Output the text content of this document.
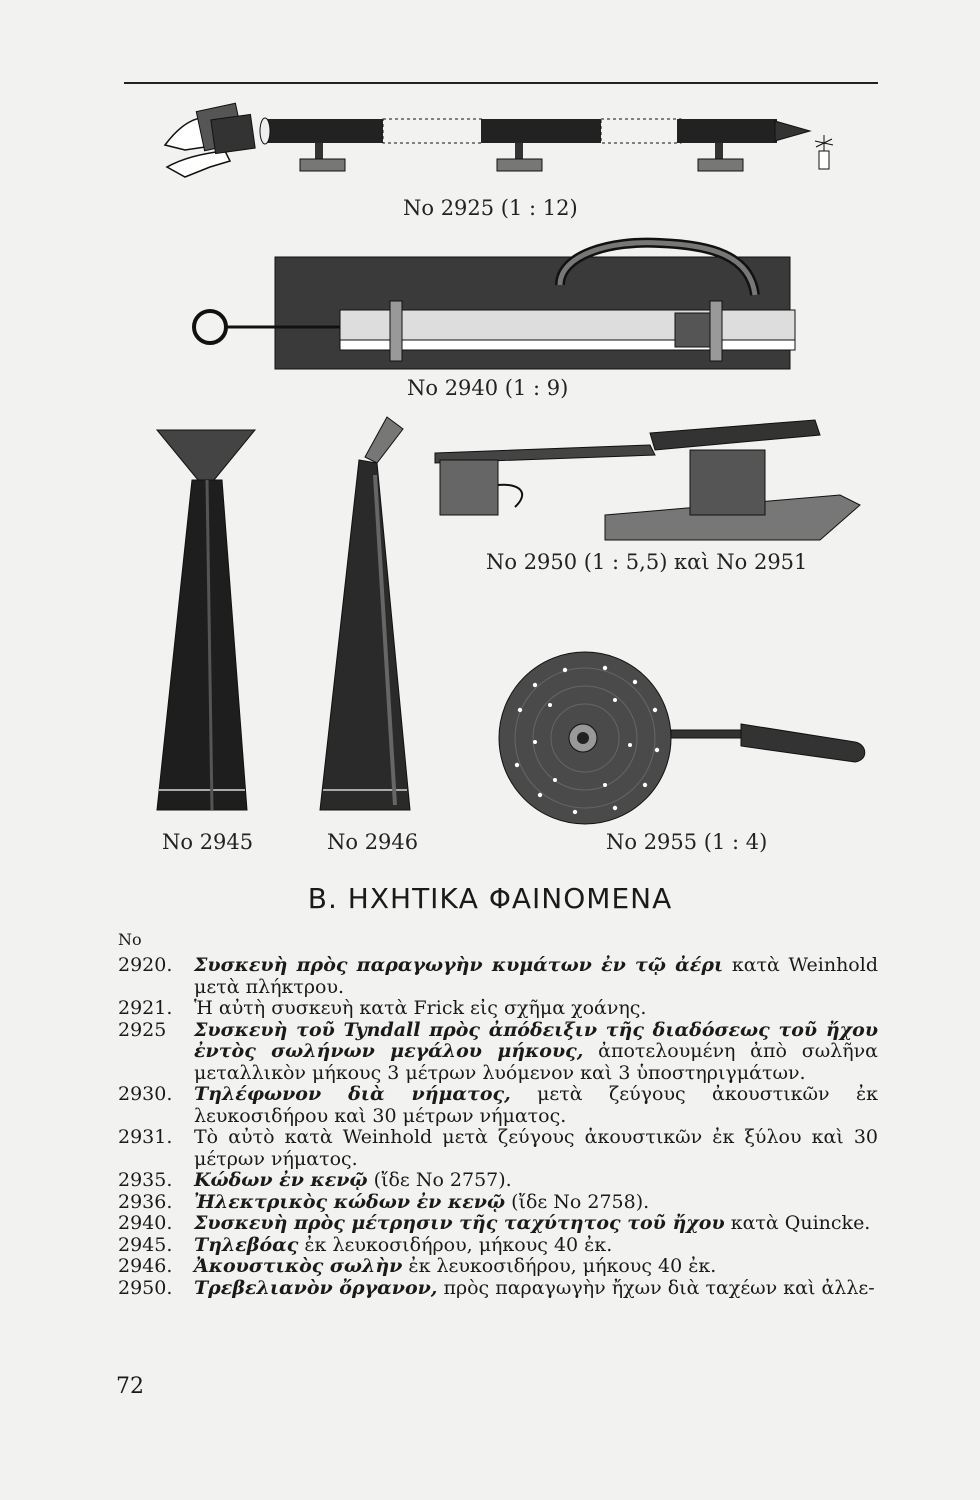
No 2925 (1 : 12)
No 2940 (1 : 9)
No 2945	No 2946
No 2950 (1 : 5,5) καὶ No 2951
No 2955 (1 : 4)
B. ΗΧΗΤΙΚΑ ΦΑΙΝΟΜΕΝΑ
No
2920.	Συσκευὴ πρὸς παραγωγὴν κυμάτων ἐν τῷ ἀέρι κατὰ Weinhold μετὰ πλήκτρου.
2921.	Ἡ αὐτὴ συσκευὴ κατὰ Frick εἰς σχῆμα χοάνης.
2925	Συσκευὴ τοῦ Tyndall πρὸς ἀπόδειξιν τῆς διαδόσεως τοῦ ἤχου ἐντὸς σωλήνων μεγάλου μήκους, ἀποτελουμένη ἀπὸ σωλῆνα μεταλλικὸν μήκους 3 μέτρων λυόμενον καὶ 3 ὑποστηριγμάτων.
2930.	Τηλέφωνον διὰ νήματος, μετὰ ζεύγους ἀκουστικῶν ἐκ λευκοσιδήρου καὶ 30 μέτρων νήματος.
2931.	Τὸ αὐτὸ κατὰ Weinhold μετὰ ζεύγους ἀκουστικῶν ἐκ ξύλου καὶ 30 μέτρων νήματος.
2935.	Κώδων ἐν κενῷ (ἴδε No 2757).
2936.	Ἠλεκτρικὸς κώδων ἐν κενῷ (ἴδε No 2758).
2940.	Συσκευὴ πρὸς μέτρησιν τῆς ταχύτητος τοῦ ἤχου κατὰ Quincke.
2945.	Τηλεβόας ἐκ λευκοσιδήρου, μήκους 40 ἐκ.
2946.	Ἀκουστικὸς σωλὴν ἐκ λευκοσιδήρου, μήκους 40 ἐκ.
2950.	Τρεβελιανὸν ὄργανον, πρὸς παραγωγὴν ἤχων διὰ ταχέων καὶ ἀλλε-
72
